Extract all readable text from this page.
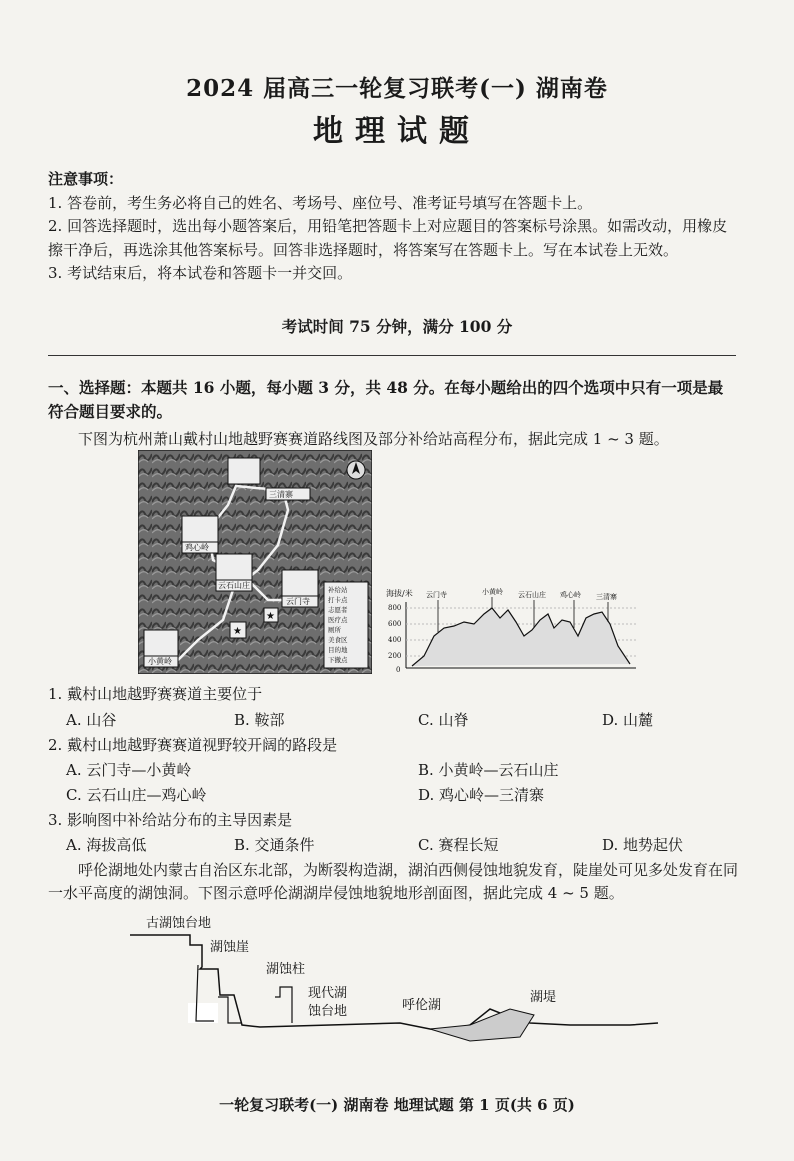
2024 届高三一轮复习联考(一) 湖南卷
地理试题

注意事项：

1. 答卷前，考生务必将自己的姓名、考场号、座位号、准考证号填写在答题卡上。

2. 回答选择题时，选出每小题答案后，用铅笔把答题卡上对应题目的答案标号涂黑。如需改动，用橡皮擦干净后，再选涂其他答案标号。回答非选择题时，将答案写在答题卡上。写在本试卷上无效。

3. 考试结束后，将本试卷和答题卡一并交回。

考试时间 75 分钟，满分 100 分
一、选择题：本题共 16 小题，每小题 3 分，共 48 分。在每小题给出的四个选项中只有一项是最符合题目要求的。
下图为杭州萧山戴村山地越野赛赛道路线图及部分补给站高程分布，据此完成 1 ~ 3 题。
三清寨
鸡心岭
云石山庄
云门寺
小黄岭
★
★
补给站
打卡点
志愿者
医疗点
厕所
美食区
目的地
下撤点
海拔/米
800
600
400
200
0
云门寺	小黄岭 云石山庄 鸡心岭 三清寨
1. 戴村山地越野赛赛道主要位于
A. 山谷	B. 鞍部	C. 山脊	D. 山麓
2. 戴村山地越野赛赛道视野较开阔的路段是
A. 云门寺—小黄岭	B. 小黄岭—云石山庄
C. 云石山庄—鸡心岭	D. 鸡心岭—三清寨
3. 影响图中补给站分布的主导因素是
A. 海拔高低	B. 交通条件	C. 赛程长短	D. 地势起伏
呼伦湖地处内蒙古自治区东北部，为断裂构造湖，湖泊西侧侵蚀地貌发育，陡崖处可见多处发育在同一水平高度的湖蚀洞。下图示意呼伦湖湖岸侵蚀地貌地形剖面图，据此完成 4 ~ 5 题。
古湖蚀台地
湖蚀崖
湖蚀柱
现代湖
蚀台地	呼伦湖
湖堤
一轮复习联考(一) 湖南卷 地理试题 第 1 页(共 6 页)
